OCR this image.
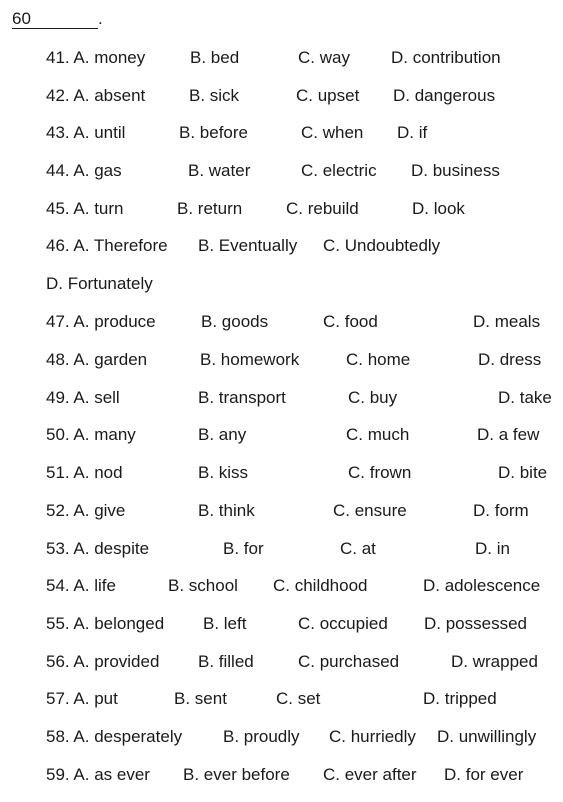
60	.
41. A. money	B. bed	C. way D. contribution
42. A. absent	B. sick	C. upset D. dangerous
43. A. until	B. before	C. when D. if
44. A. gas	B. water	C. electric D. business
45. A. turn	B. return	C. rebuild	D. look
46. A. Therefore B. Eventually C. Undoubtedly
D. Fortunately
47. A. produce	B. goods	C. food	D. meals
48. A. garden	B. homework	C. home	D. dress
49. A. sell	B. transport	C. buy	D. take
50. A. many	B. any	C. much	D. a few
51. A. nod	B. kiss	C. frown	D. bite
52. A. give	B. think	C. ensure	D. form
53. A. despite	B. for	C. at	D. in
54. A. life	B. school C. childhood	D. adolescence
55. A. belonged B. left	C. occupied D. possessed
56. A. provided B. filled	C. purchased	D. wrapped
57. A. put	B. sent	C. set	D. tripped
58. A. desperately B. proudly C. hurriedly D. unwillingly
59. A. as ever B. ever before C. ever after D. for ever
